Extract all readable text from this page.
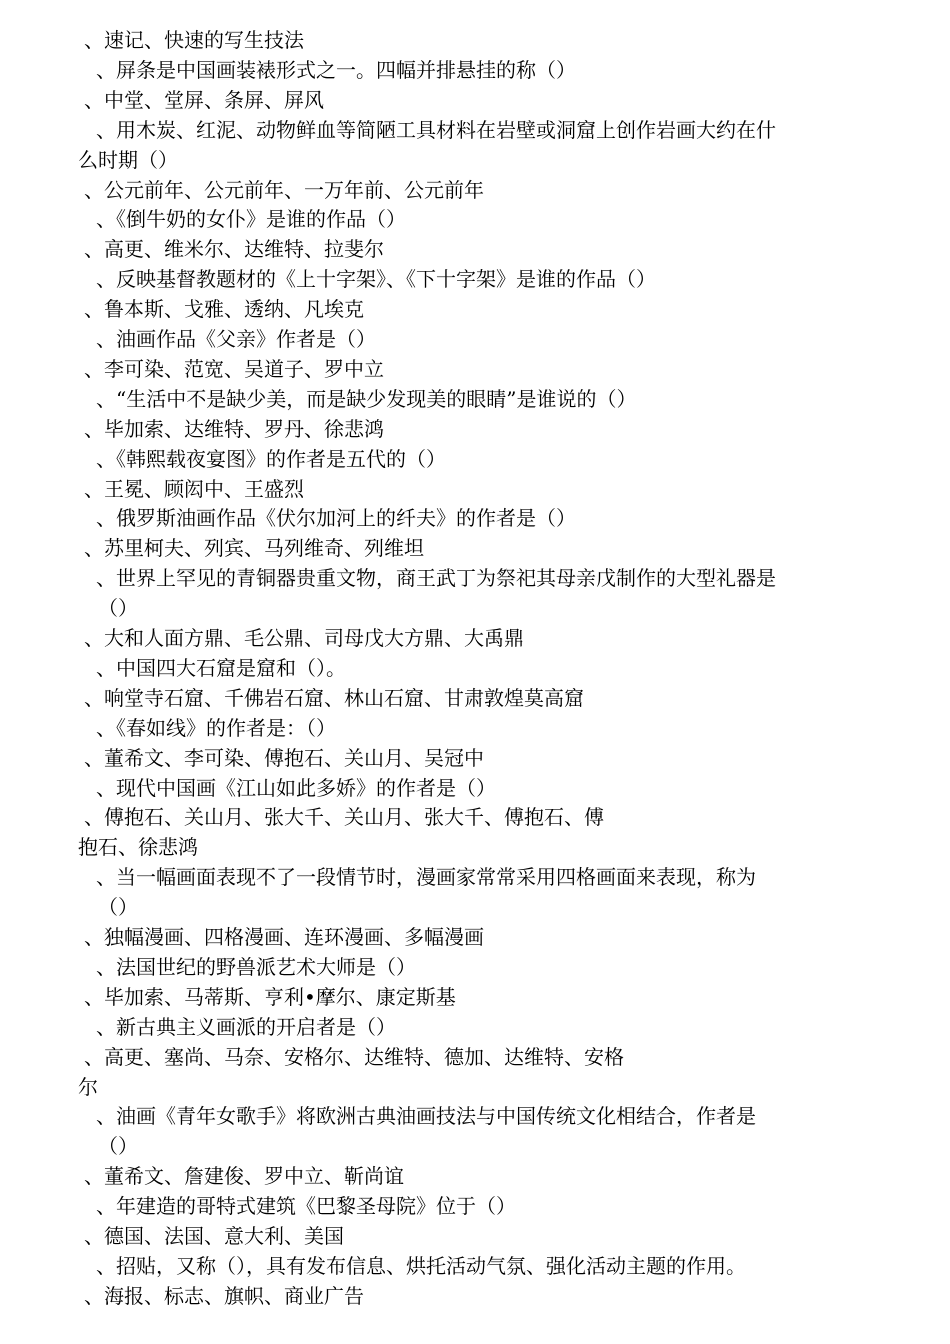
、速记、快速的写生技法
、屏条是中国画装裱形式之一。四幅并排悬挂的称（）
、中堂、堂屏、条屏、屏风
、用木炭、红泥、动物鲜血等简陋工具材料在岩壁或洞窟上创作岩画大约在什
么时期（）
、公元前年、公元前年、一万年前、公元前年
、《倒牛奶的女仆》是谁的作品（）
、高更、维米尔、达维特、拉斐尔
、反映基督教题材的《上十字架》、《下十字架》是谁的作品（）
、鲁本斯、戈雅、透纳、凡埃克
、油画作品《父亲》作者是（）
、李可染、范宽、吴道子、罗中立
、“生活中不是缺少美，而是缺少发现美的眼睛”是谁说的（）
、毕加索、达维特、罗丹、徐悲鸿
、《韩熙载夜宴图》的作者是五代的（）
、王冕、顾闳中、王盛烈
、俄罗斯油画作品《伏尔加河上的纤夫》的作者是（）
、苏里柯夫、列宾、马列维奇、列维坦
、世界上罕见的青铜器贵重文物，商王武丁为祭祀其母亲戊制作的大型礼器是
（）
、大和人面方鼎、毛公鼎、司母戊大方鼎、大禹鼎
、中国四大石窟是窟和（）。
、响堂寺石窟、千佛岩石窟、林山石窟、甘肃敦煌莫高窟
、《春如线》的作者是：（）
、董希文、李可染、傅抱石、关山月、吴冠中
、现代中国画《江山如此多娇》的作者是（）
、傅抱石、关山月、张大千、关山月、张大千、傅抱石、傅
抱石、徐悲鸿
、当一幅画面表现不了一段情节时，漫画家常常采用四格画面来表现，称为
（）
、独幅漫画、四格漫画、连环漫画、多幅漫画
、法国世纪的野兽派艺术大师是（）
、毕加索、马蒂斯、亨利•摩尔、康定斯基
、新古典主义画派的开启者是（）
、高更、塞尚、马奈、安格尔、达维特、德加、达维特、安格
尔
、油画《青年女歌手》将欧洲古典油画技法与中国传统文化相结合，作者是
（）
、董希文、詹建俊、罗中立、靳尚谊
、年建造的哥特式建筑《巴黎圣母院》位于（）
、德国、法国、意大利、美国
、招贴，又称（），具有发布信息、烘托活动气氛、强化活动主题的作用。
、海报、标志、旗帜、商业广告
